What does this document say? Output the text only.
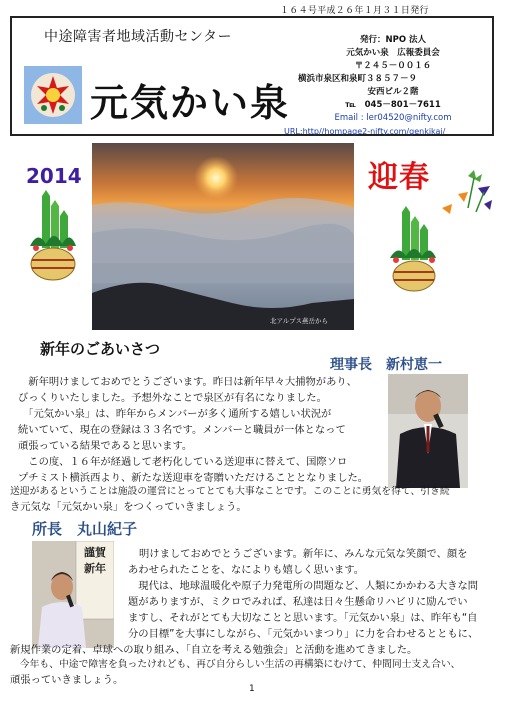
１６４号平成２６年１月３１日発行
中途障害者地域活動センター
元気かい泉
発行：NPO 法人
元気かい泉　広報委員会
〒２４５－００１６
横浜市泉区和泉町３８５７－９
安西ビル２階
℡　045－801－7611
Email : ler04520@nifty.com
URL:http//hompage2-nifty.com/genkikai/
2014
北アルプス燕岳から
迎春
新年のごあいさつ
理事長　新村恵一
　新年明けましておめでとうございます。昨日は新年早々大捕物があり、
びっくりいたしました。予想外なことで泉区が有名になりました。
　「元気かい泉」は、昨年からメンバーが多く通所する嬉しい状況が
続いていて、現在の登録は３３名です。メンバーと職員が一体となって
頑張っている結果であると思います。
　この度、１６年が経過して老朽化している送迎車に替えて、国際ソロ
プチミスト横浜西より、新たな送迎車を寄贈いただけることとなりました。
送迎があるということは施設の運営にとってとても大事なことです。このことに勇気を得て、引き続
き元気な「元気かい泉」をつくっていきましょう。
所長　丸山紀子
謹賀新年
明けましておめでとうございます。新年に、みんな元気な笑顔で、顔を
あわせられたことを、なによりも嬉しく思います。
　現代は、地球温暖化や原子力発電所の問題など、人類にかかわる大きな問
題がありますが、ミクロでみれば、私達は日々生懸命リハビリに励んでい
ますし、それがとても大切なことと思います。「元気かい泉」は、昨年も“自
分の目標”を大事にしながら、「元気かいまつり」に力を合わせるとともに、
新規作業の定着、卓球への取り組み、「自立を考える勉強会」と活動を進めてきました。
　今年も、中途で障害を負ったけれども、再び自分らしい生活の再構築にむけて、仲間同士支え合い、
頑張っていきましょう。
1
